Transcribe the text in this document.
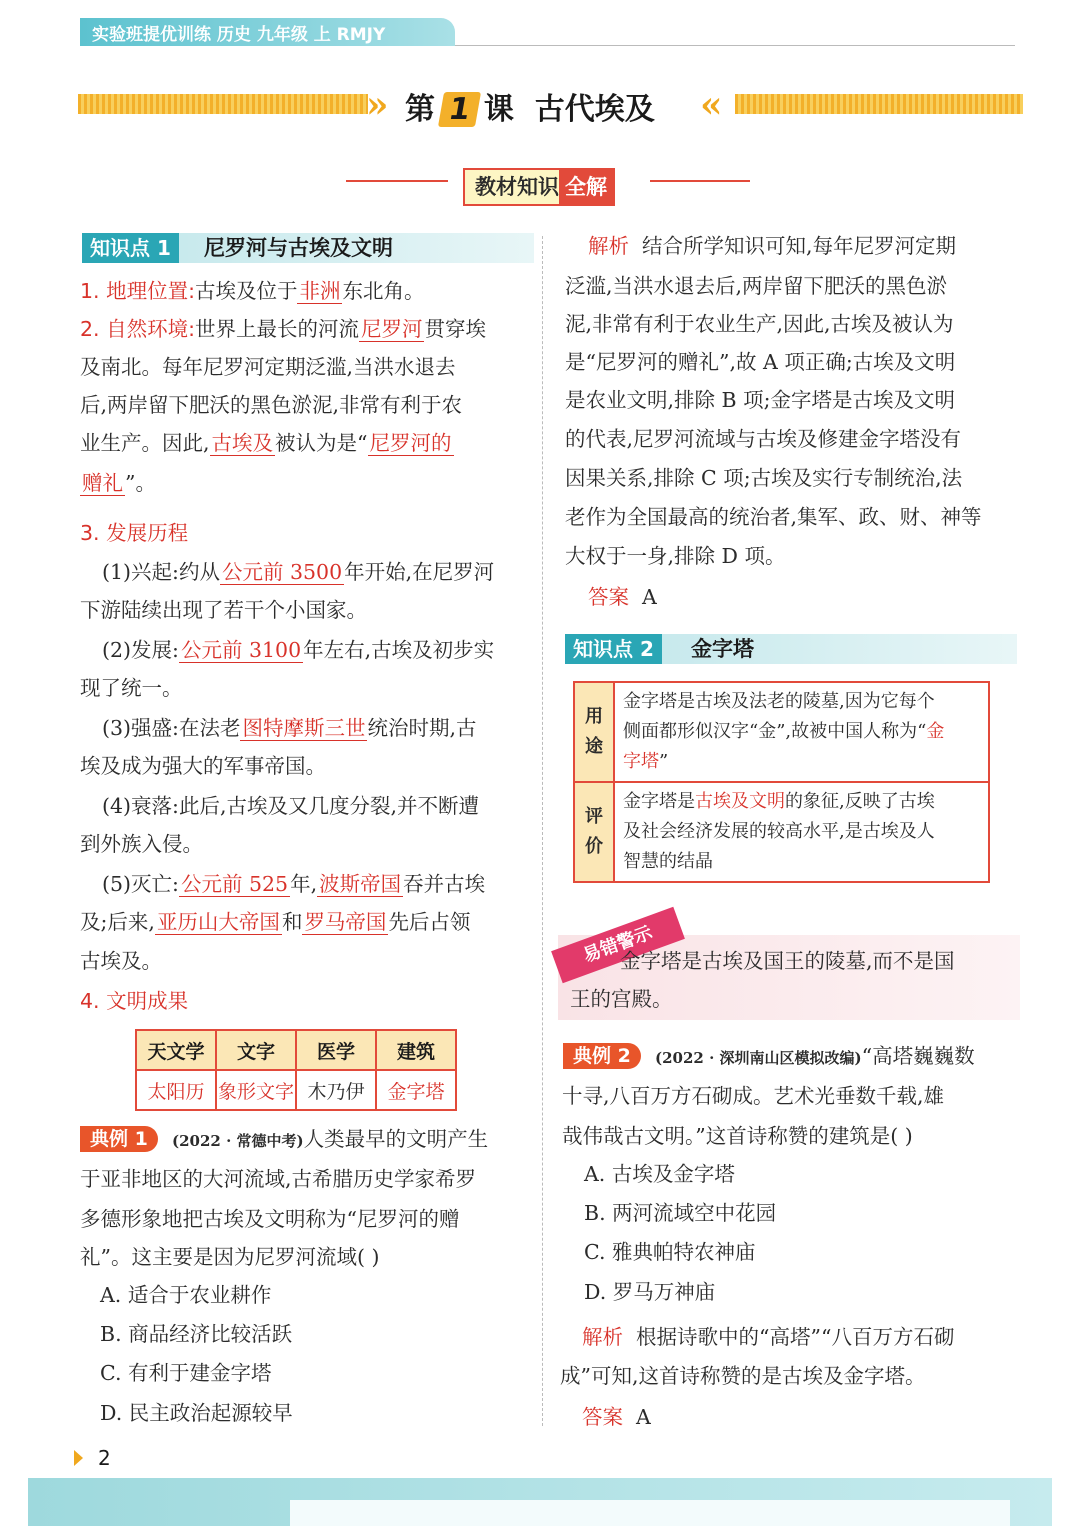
实验班提优训练 历史 九年级 上 RMJY
» 第 1 课 古代埃及 «
教材知识 全解
知识点 1	尼罗河与古埃及文明
1. 地理位置:古埃及位于非洲东北角。
2. 自然环境:世界上最长的河流尼罗河贯穿埃
及南北。每年尼罗河定期泛滥,当洪水退去
后,两岸留下肥沃的黑色淤泥,非常有利于农
业生产。因此,古埃及被认为是“尼罗河的
赠礼”。
3. 发展历程
(1)兴起:约从公元前 3500年开始,在尼罗河
下游陆续出现了若干个小国家。
(2)发展:公元前 3100年左右,古埃及初步实
现了统一。
(3)强盛:在法老图特摩斯三世统治时期,古
埃及成为强大的军事帝国。
(4)衰落:此后,古埃及又几度分裂,并不断遭
到外族入侵。
(5)灭亡:公元前 525年,波斯帝国吞并古埃
及;后来,亚历山大帝国和罗马帝国先后占领
古埃及。
4. 文明成果
天文学	文字	医学	建筑
太阳历	象形文字	木乃伊	金字塔
典例 1	(2022 · 常德中考)人类最早的文明产生
于亚非地区的大河流域,古希腊历史学家希罗
多德形象地把古埃及文明称为“尼罗河的赠
礼”。这主要是因为尼罗河流域( )
A. 适合于农业耕作
B. 商品经济比较活跃
C. 有利于建金字塔
D. 民主政治起源较早
解析 结合所学知识可知,每年尼罗河定期
泛滥,当洪水退去后,两岸留下肥沃的黑色淤
泥,非常有利于农业生产,因此,古埃及被认为
是“尼罗河的赠礼”,故 A 项正确;古埃及文明
是农业文明,排除 B 项;金字塔是古埃及文明
的代表,尼罗河流域与古埃及修建金字塔没有
因果关系,排除 C 项;古埃及实行专制统治,法
老作为全国最高的统治者,集军、政、财、神等
大权于一身,排除 D 项。
答案 A
知识点 2	金字塔
用途	金字塔是古埃及法老的陵墓,因为它每个
侧面都形似汉字“金”,故被中国人称为“金
字塔”
评价	金字塔是古埃及文明的象征,反映了古埃
及社会经济发展的较高水平,是古埃及人
智慧的结晶
易错警示
金字塔是古埃及国王的陵墓,而不是国
王的宫殿。
典例 2	(2022 · 深圳南山区模拟改编)“高塔巍巍数
十寻,八百万方石砌成。艺术光垂数千载,雄
哉伟哉古文明。”这首诗称赞的建筑是( )
A. 古埃及金字塔
B. 两河流域空中花园
C. 雅典帕特农神庙
D. 罗马万神庙
解析 根据诗歌中的“高塔”“八百万方石砌
成”可知,这首诗称赞的是古埃及金字塔。
答案 A
2
